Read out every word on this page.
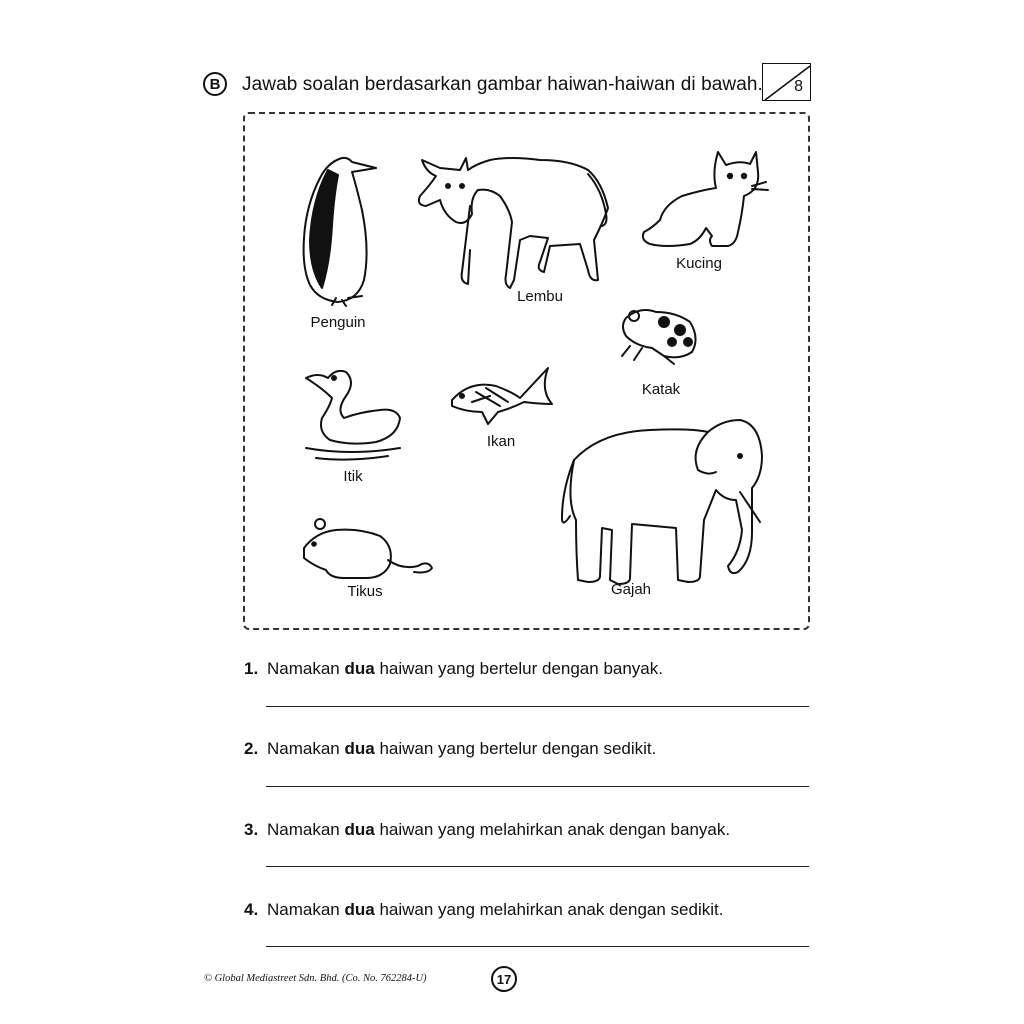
B	Jawab soalan berdasarkan gambar haiwan-haiwan di bawah. 8
Penguin
Lembu
Kucing
Katak
Itik
Ikan
Gajah
Tikus
1. Namakan dua haiwan yang bertelur dengan banyak.
2. Namakan dua haiwan yang bertelur dengan sedikit.
3. Namakan dua haiwan yang melahirkan anak dengan banyak.
4. Namakan dua haiwan yang melahirkan anak dengan sedikit.
© Global Mediastreet Sdn. Bhd. (Co. No. 762284-U)	17
